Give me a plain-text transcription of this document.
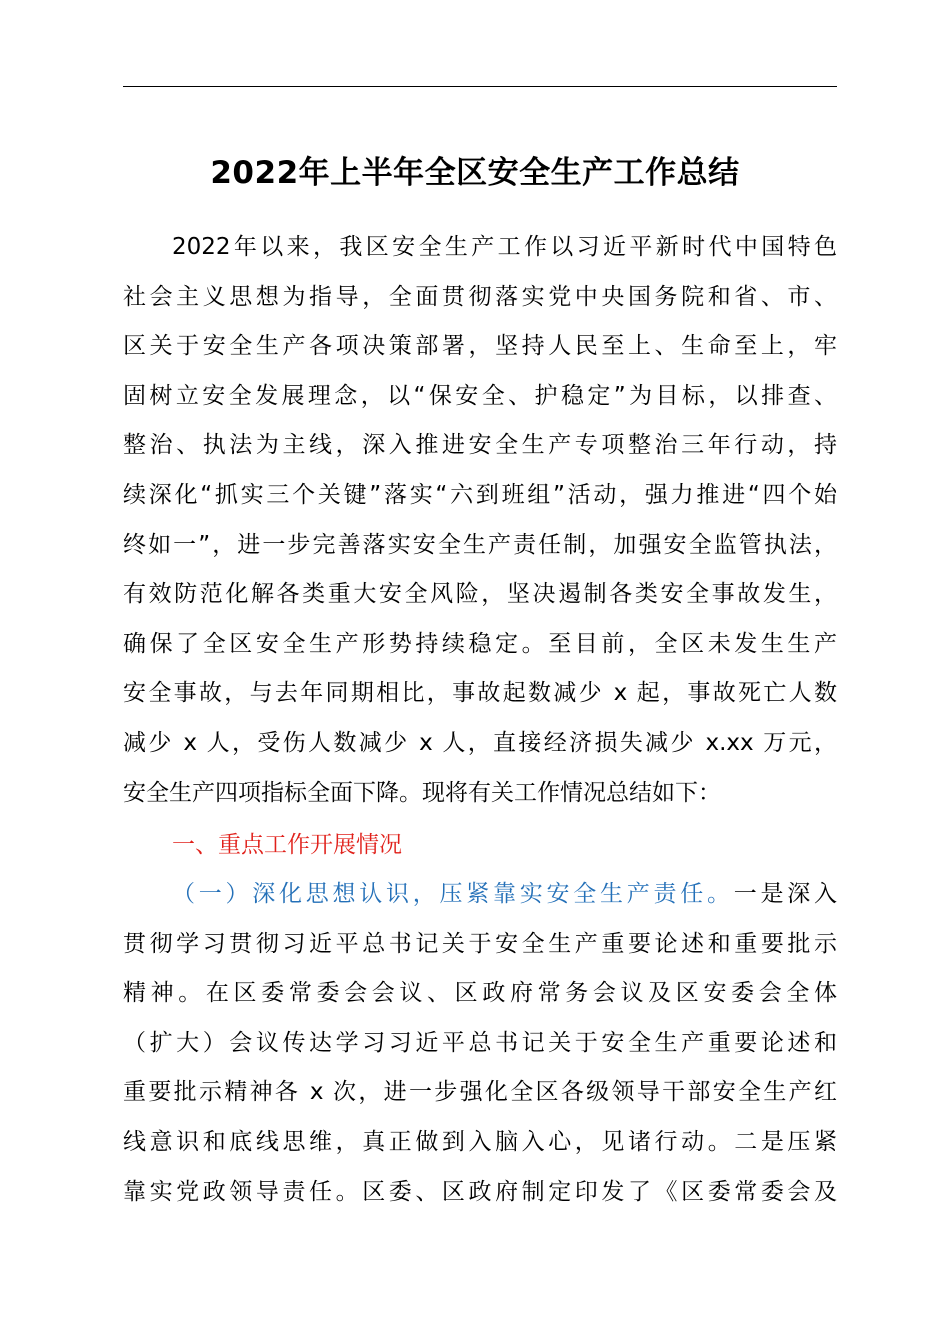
2022年上半年全区安全生产工作总结
2022年以来，我区安全生产工作以习近平新时代中国特色
社会主义思想为指导，全面贯彻落实党中央国务院和省、市、
区关于安全生产各项决策部署，坚持人民至上、生命至上，牢
固树立安全发展理念，以“保安全、护稳定”为目标，以排查、
整治、执法为主线，深入推进安全生产专项整治三年行动，持
续深化“抓实三个关键”落实“六到班组”活动，强力推进“四个始
终如一”，进一步完善落实安全生产责任制，加强安全监管执法，
有效防范化解各类重大安全风险，坚决遏制各类安全事故发生，
确保了全区安全生产形势持续稳定。至目前，全区未发生生产
安全事故，与去年同期相比，事故起数减少 x 起，事故死亡人数
减少 x 人，受伤人数减少 x 人，直接经济损失减少 x.xx 万元，
安全生产四项指标全面下降。现将有关工作情况总结如下：
一、重点工作开展情况
（一）深化思想认识，压紧靠实安全生产责任。一是深入
贯彻学习贯彻习近平总书记关于安全生产重要论述和重要批示
精神。在区委常委会会议、区政府常务会议及区安委会全体
（扩大）会议传达学习习近平总书记关于安全生产重要论述和
重要批示精神各 x 次，进一步强化全区各级领导干部安全生产红
线意识和底线思维，真正做到入脑入心，见诸行动。二是压紧
靠实党政领导责任。区委、区政府制定印发了《区委常委会及
